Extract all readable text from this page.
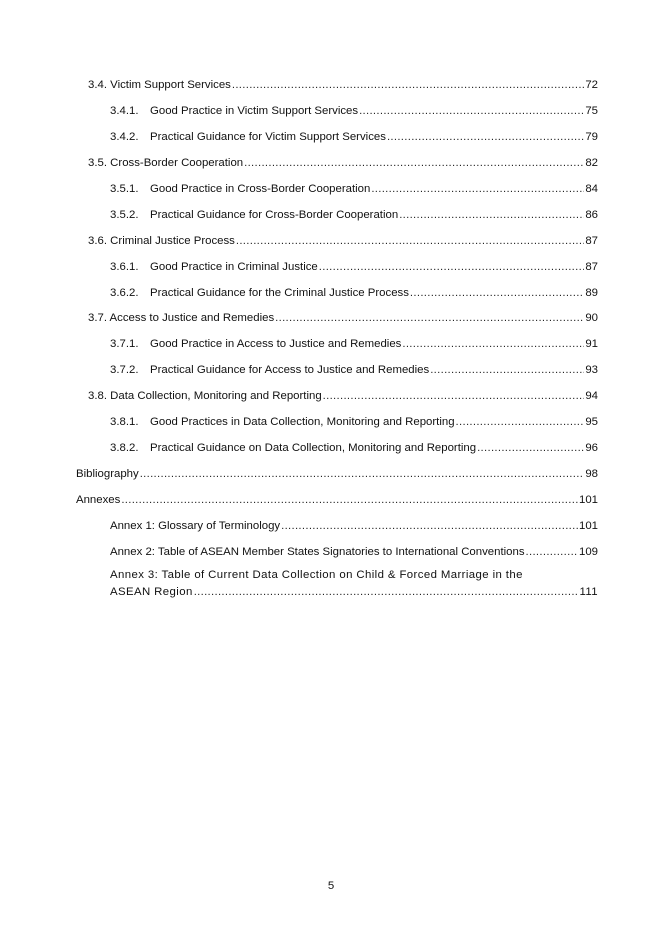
3.4. Victim Support Services .....	72
3.4.1.	Good Practice in Victim Support Services .....	75
3.4.2.	Practical Guidance for Victim Support Services .....	79
3.5. Cross-Border Cooperation .....	82
3.5.1.	Good Practice in Cross-Border Cooperation .....	84
3.5.2.	Practical Guidance for Cross-Border Cooperation .....	86
3.6. Criminal Justice Process .....	87
3.6.1.	Good Practice in Criminal Justice .....	87
3.6.2.	Practical Guidance for the Criminal Justice Process .....	89
3.7. Access to Justice and Remedies .....	90
3.7.1.	Good Practice in Access to Justice and Remedies .....	91
3.7.2.	Practical Guidance for Access to Justice and Remedies .....	93
3.8. Data Collection, Monitoring and Reporting .....	94
3.8.1.	Good Practices in Data Collection, Monitoring and Reporting .....	95
3.8.2.	Practical Guidance on Data Collection, Monitoring and Reporting .....	96
Bibliography .....	98
Annexes .....	101
Annex 1: Glossary of Terminology .....	101
Annex 2: Table of ASEAN Member States Signatories to International Conventions .....	109
Annex 3: Table of Current Data Collection on Child & Forced Marriage in the
ASEAN Region .....	111
5
